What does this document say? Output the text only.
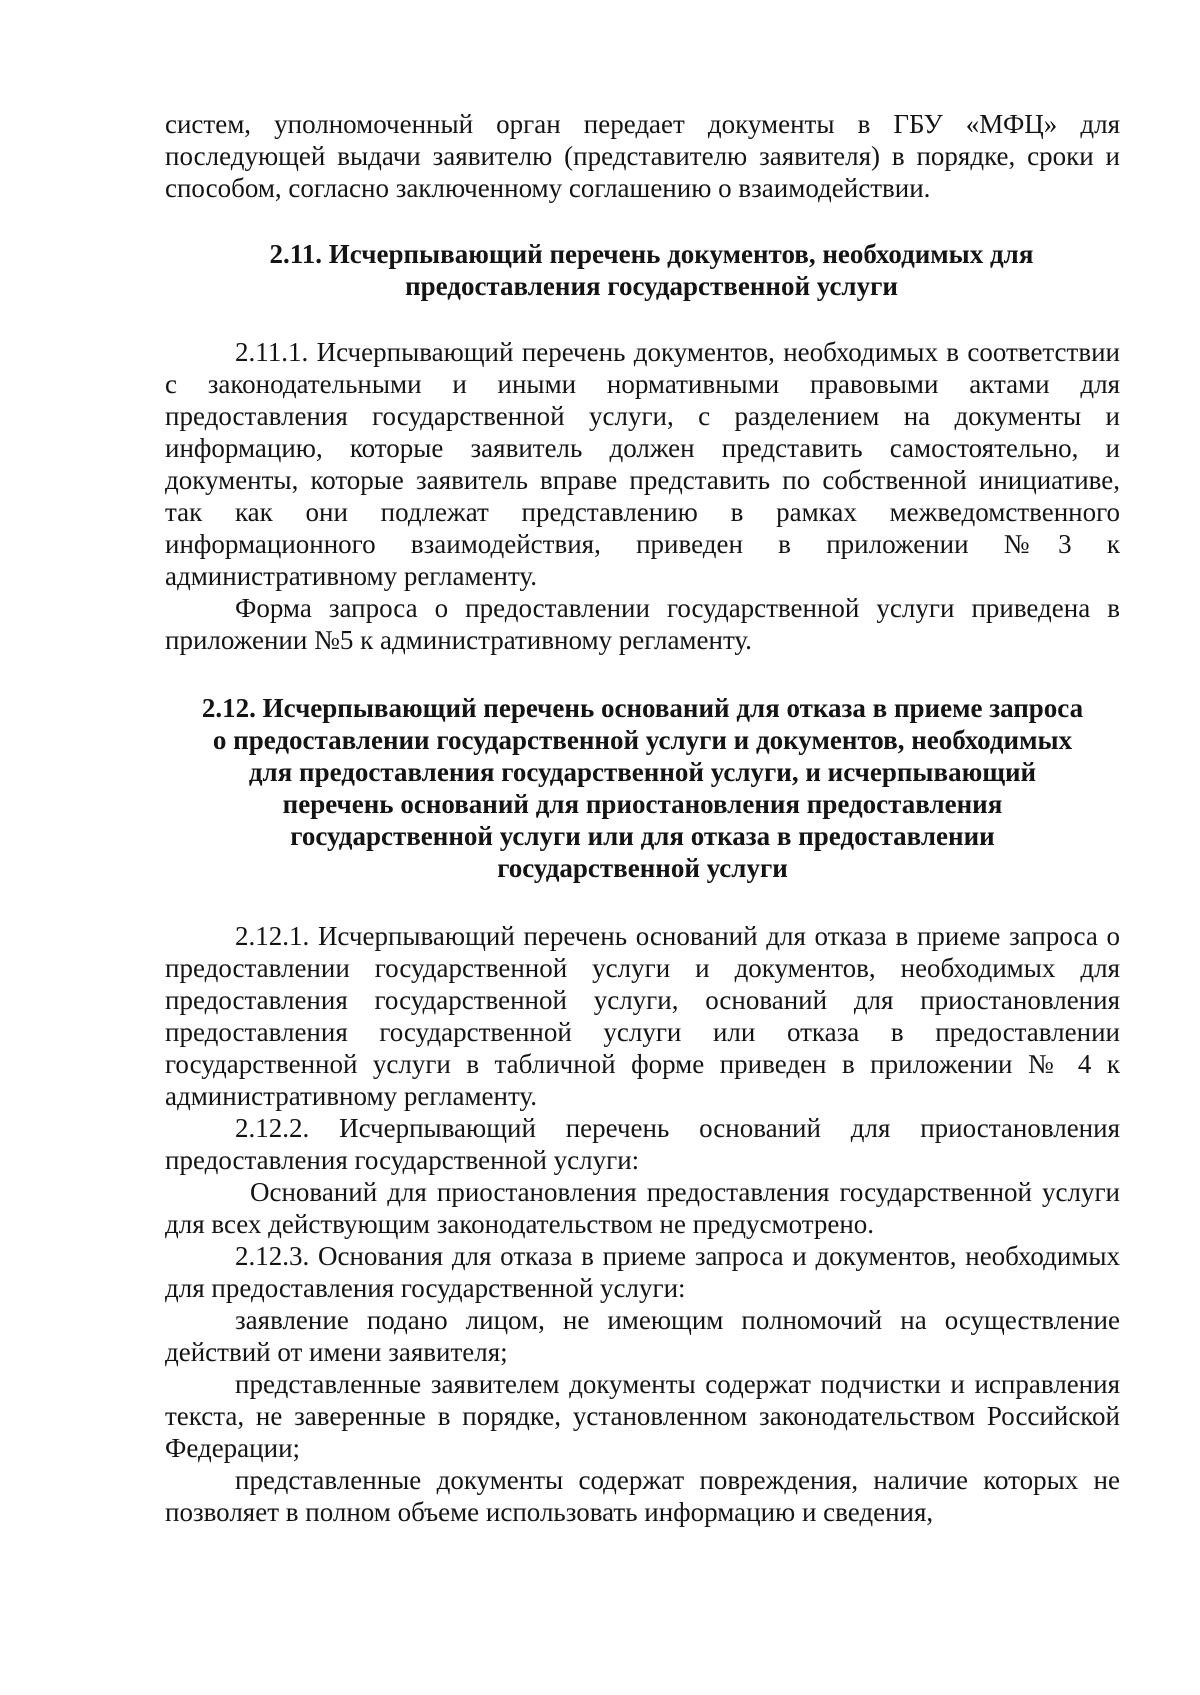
систем, уполномоченный орган передает документы в ГБУ «МФЦ» для последующей выдачи заявителю (представителю заявителя) в порядке, сроки и способом, согласно заключенному соглашению о взаимодействии.

2.11. Исчерпывающий перечень документов, необходимых для
предоставления государственной услуги

2.11.1. Исчерпывающий перечень документов, необходимых в соответствии с законодательными и иными нормативными правовыми актами для предоставления государственной услуги, с разделением на документы и информацию, которые заявитель должен представить самостоятельно, и документы, которые заявитель вправе представить по собственной инициативе, так как они подлежат представлению в рамках межведомственного информационного взаимодействия, приведен в приложении №3 к административному регламенту.

Форма запроса о предоставлении государственной услуги приведена в приложении №5 к административному регламенту.

2.12. Исчерпывающий перечень оснований для отказа в приеме запроса
о предоставлении государственной услуги и документов, необходимых
для предоставления государственной услуги, и исчерпывающий
перечень оснований для приостановления предоставления
государственной услуги или для отказа в предоставлении
государственной услуги

2.12.1. Исчерпывающий перечень оснований для отказа в приеме запроса о предоставлении государственной услуги и документов, необходимых для предоставления государственной услуги, оснований для приостановления предоставления государственной услуги или отказа в предоставлении государственной услуги в табличной форме приведен в приложении № 4 к административному регламенту.

2.12.2. Исчерпывающий перечень оснований для приостановления предоставления государственной услуги:

Оснований для приостановления предоставления государственной услуги для всех действующим законодательством не предусмотрено.

2.12.3. Основания для отказа в приеме запроса и документов, необходимых для предоставления государственной услуги:

заявление подано лицом, не имеющим полномочий на осуществление действий от имени заявителя;

представленные заявителем документы содержат подчистки и исправления текста, не заверенные в порядке, установленном законодательством Российской Федерации;

представленные документы содержат повреждения, наличие которых не позволяет в полном объеме использовать информацию и сведения,
